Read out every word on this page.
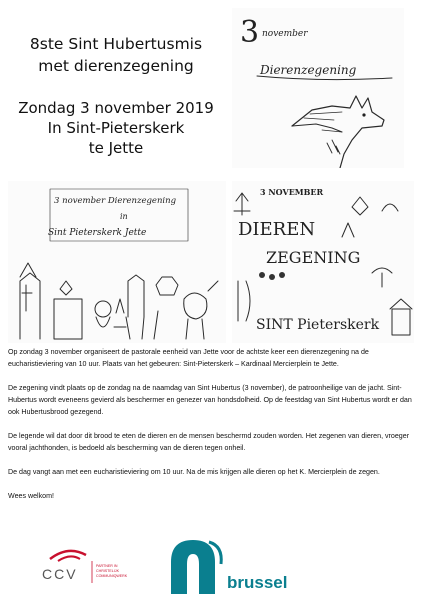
8ste Sint Hubertusmis
met dierenzegening
Zondag 3 november 2019
In Sint-Pieterskerk
te Jette
3 november
Dierenzegening
3 november Dierenzegening
in
Sint Pieterskerk Jette
3 NOVEMBER
DIEREN
ZEGENING
SINT Pieterskerk

Op zondag 3 november organiseert de pastorale eenheid van Jette voor de achtste keer een dierenzegening na de eucharistieviering van 10 uur. Plaats van het gebeuren: Sint-Pieterskerk – Kardinaal Mercierplein te Jette.

De zegening vindt plaats op de zondag na de naamdag van Sint Hubertus (3 november), de patroonheilige van de jacht. Sint-Hubertus wordt eveneens gevierd als beschermer en genezer van hondsdolheid. Op de feestdag van Sint Hubertus wordt er dan ook Hubertusbrood gezegend.

De legende wil dat door dit brood te eten de dieren en de mensen beschermd zouden worden. Het zegenen van dieren, vroeger vooral jachthonden, is bedoeld als bescherming van de dieren tegen onheil.

De dag vangt aan met een eucharistieviering om 10 uur. Na de mis krijgen alle dieren op het K. Mercierplein de zegen.

Wees welkom!

CCV	PARTNER IN
CHRISTELIJK
COMMUNIQWERK	brussel
